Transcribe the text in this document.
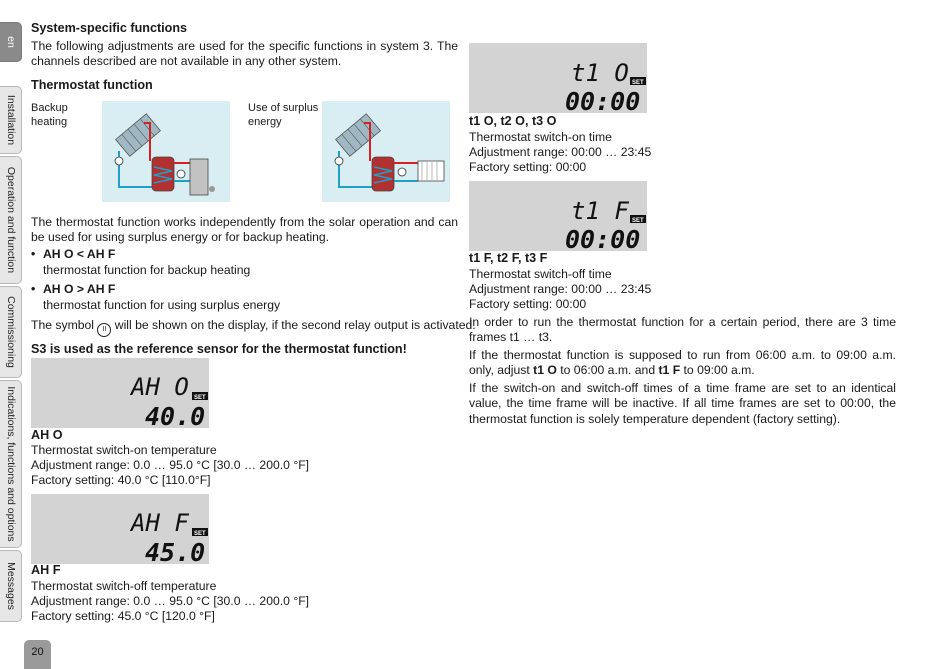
en
Installation
Operation and function
Commissioning
Indications, functions and options
Messages
20
System-specific functions
The following adjustments are used for the specific functions in system 3. The channels described are not available in any other system.
Thermostat function
Backup heating
Use of surplus energy
The thermostat function works independently from the solar operation and can be used for using surplus energy or for backup heating.
• AH O < AH F
thermostat function for backup heating
• AH O > AH F
thermostat function for using surplus energy
The symbol II will be shown on the display, if the second relay output is activated.
S3 is used as the reference sensor for the thermostat function!
AH O SET
40.0
AH O
Thermostat switch-on temperature
Adjustment range: 0.0 … 95.0 °C [30.0 … 200.0 °F]
Factory setting: 40.0 °C [110.0°F]
AH F SET
45.0
AH F
Thermostat switch-off temperature
Adjustment range: 0.0 … 95.0 °C [30.0 … 200.0 °F]
Factory setting: 45.0 °C [120.0 °F]
t1 O SET
00:00
t1 O, t2 O, t3 O
Thermostat switch-on time
Adjustment range: 00:00 … 23:45
Factory setting: 00:00
t1 F SET
00:00
t1 F, t2 F, t3 F
Thermostat switch-off time
Adjustment range: 00:00 … 23:45
Factory setting: 00:00
In order to run the thermostat function for a certain period, there are 3 time frames t1 … t3.
If the thermostat function is supposed to run from 06:00 a.m. to 09:00 a.m. only, adjust t1 O to 06:00 a.m. and t1 F to 09:00 a.m.
If the switch-on and switch-off times of a time frame are set to an identical value, the time frame will be inactive. If all time frames are set to 00:00, the thermostat function is solely temperature dependent (factory setting).
